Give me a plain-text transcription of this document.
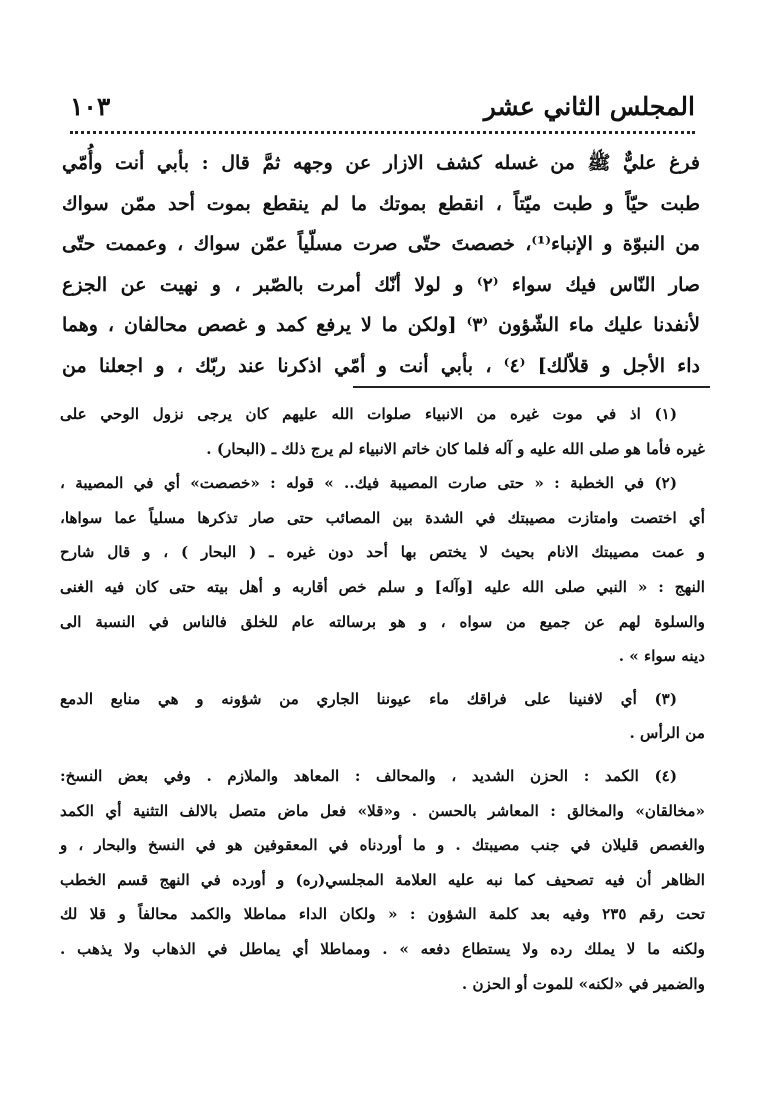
المجلس الثاني عشر
١٠٣
فرغ عليٌّ ﷺ من غسله كشف الازار عن وجهه ثمَّ قال : بأبي أنت وأُمّي
طبت حيّاً و طبت ميّتاً ، انقطع بموتك ما لم ينقطع بموت أحد ممّن سواك
من النبوّة و الإنباء⁽¹⁾، خصصتَ حتّى صرت مسلّياً عمّن سواك ، وعممت حتّى
صار النّاس فيك سواء ⁽٢⁾ و لولا أنّك أمرت بالصّبر ، و نهيت عن الجزع
لأنفدنا عليك ماء الشّؤون ⁽٣⁾ [ولكن ما لا يرفع كمد و غصص محالفان ، وهما
داء الأجل و قلاّلك] ⁽٤⁾ ، بأبي أنت و أمّي اذكرنا عند ربّك ، و اجعلنا من
(١) اذ في موت غيره من الانبياء صلوات الله عليهم كان يرجى نزول الوحي على
غيره فأما هو صلى الله عليه و آله فلما كان خاتم الانبياء لم يرج ذلك ـ (البحار) .
(٢) في الخطبة : « حتى صارت المصيبة فيك.. » قوله : «خصصت» أي في المصيبة ،
أي اختصت وامتازت مصيبتك في الشدة بين المصائب حتى صار تذكرها مسلياً عما سواها،
و عمت مصيبتك الانام بحيث لا يختص بها أحد دون غيره ـ ( البحار ) ، و قال شارح
النهج : « النبي صلى الله عليه [وآله] و سلم خص أقاربه و أهل بيته حتى كان فيه الغنى
والسلوة لهم عن جميع من سواه ، و هو برسالته عام للخلق فالناس في النسبة الى
دينه سواء » .
(٣) أي لافنينا على فراقك ماء عيوننا الجاري من شؤونه و هي منابع الدمع
من الرأس .
(٤) الكمد : الحزن الشديد ، والمحالف : المعاهد والملازم . وفي بعض النسخ:
«مخالقان» والمخالق : المعاشر بالحسن . و«قلا» فعل ماض متصل بالالف التثنية أي الكمد
والغصص قليلان في جنب مصيبتك . و ما أوردناه في المعقوفين هو في النسخ والبحار ، و
الظاهر أن فيه تصحيف كما نبه عليه العلامة المجلسي(ره) و أورده في النهج قسم الخطب
تحت رقم ٢٣٥ وفيه بعد كلمة الشؤون : « ولكان الداء مماطلا والكمد محالفاً و قلا لك
ولكنه ما لا يملك رده ولا يستطاع دفعه » . ومماطلا أي يماطل في الذهاب ولا يذهب .
والضمير في «لكنه» للموت أو الحزن .
